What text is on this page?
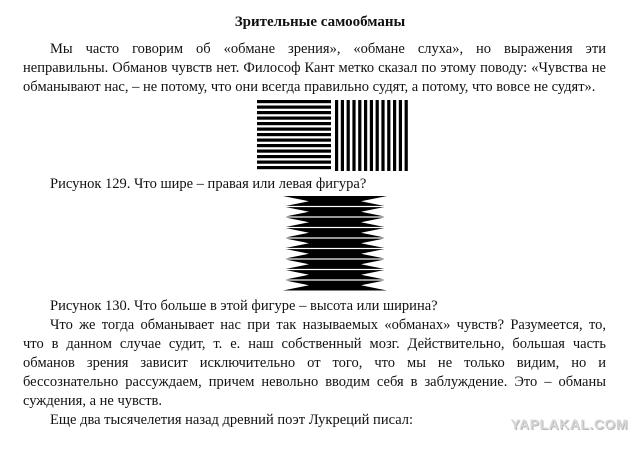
Зрительные самообманы
Мы часто говорим об «обмане зрения», «обмане слуха», но выражения эти
неправильны. Обманов чувств нет. Философ Кант метко сказал по этому поводу: «Чувства не
обманывают нас, – не потому, что они всегда правильно судят, а потому, что вовсе не судят».
Рисунок 129. Что шире – правая или левая фигура?
Рисунок 130. Что больше в этой фигуре – высота или ширина?
Что же тогда обманывает нас при так называемых «обманах» чувств? Разумеется, то,
что в данном случае судит, т. е. наш собственный мозг. Действительно, большая часть
обманов зрения зависит исключительно от того, что мы не только видим, но и
бессознательно рассуждаем, причем невольно вводим себя в заблуждение. Это – обманы
суждения, а не чувств.
Еще два тысячелетия назад древний поэт Лукреций писал:	YAPLAKAL.COM
